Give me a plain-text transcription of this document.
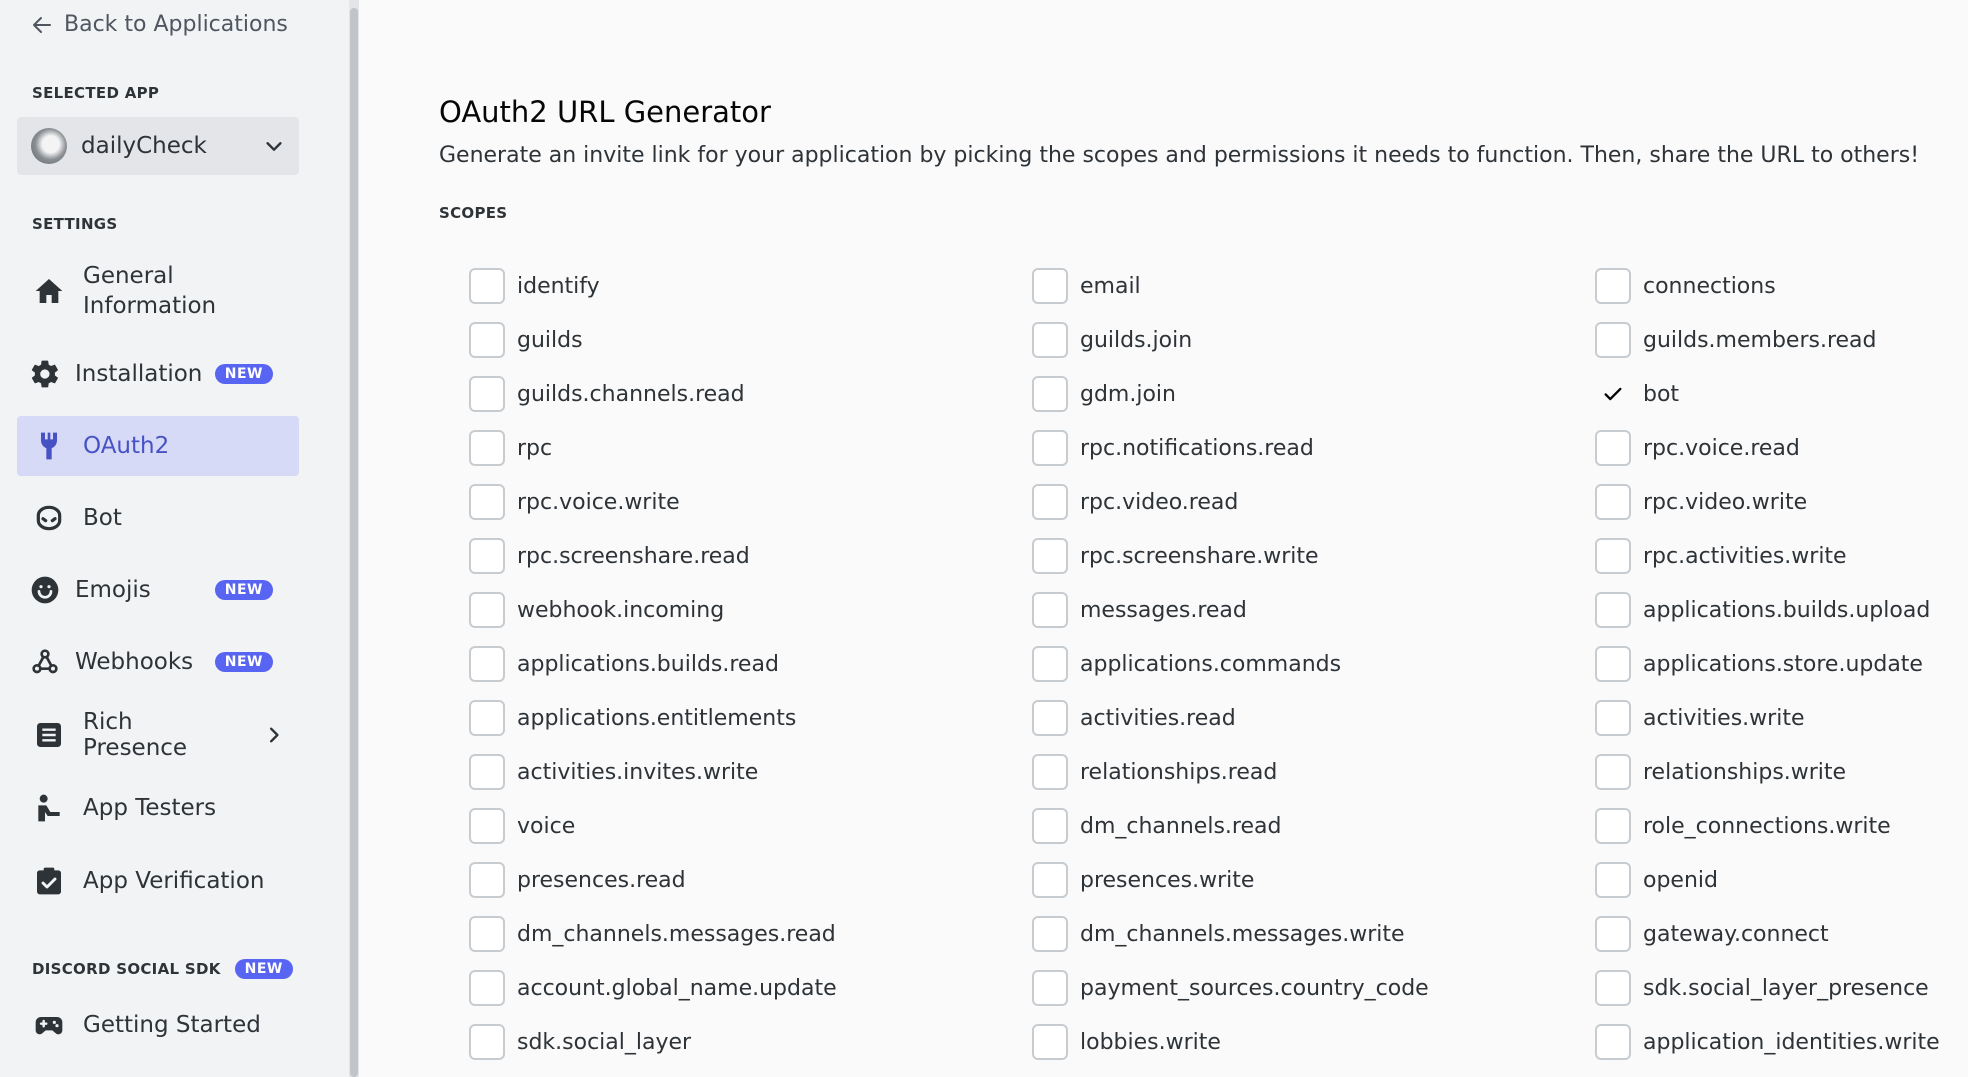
Back to Applications
SELECTED APP
dailyCheck
SETTINGS
General Information
Installation	NEW
OAuth2
Bot
Emojis	NEW
Webhooks	NEW
Rich Presence
App Testers
App Verification
DISCORD SOCIAL SDK	NEW
Getting Started
OAuth2 URL Generator
Generate an invite link for your application by picking the scopes and permissions it needs to function. Then, share the URL to others!
SCOPES
identify	email	connections
guilds	guilds.join	guilds.members.read
guilds.channels.read	gdm.join	bot
rpc	rpc.notifications.read	rpc.voice.read
rpc.voice.write	rpc.video.read	rpc.video.write
rpc.screenshare.read	rpc.screenshare.write	rpc.activities.write
webhook.incoming	messages.read	applications.builds.upload
applications.builds.read	applications.commands	applications.store.update
applications.entitlements	activities.read	activities.write
activities.invites.write	relationships.read	relationships.write
voice	dm_channels.read	role_connections.write
presences.read	presences.write	openid
dm_channels.messages.read	dm_channels.messages.write	gateway.connect
account.global_name.update	payment_sources.country_code	sdk.social_layer_presence
sdk.social_layer	lobbies.write	application_identities.write
